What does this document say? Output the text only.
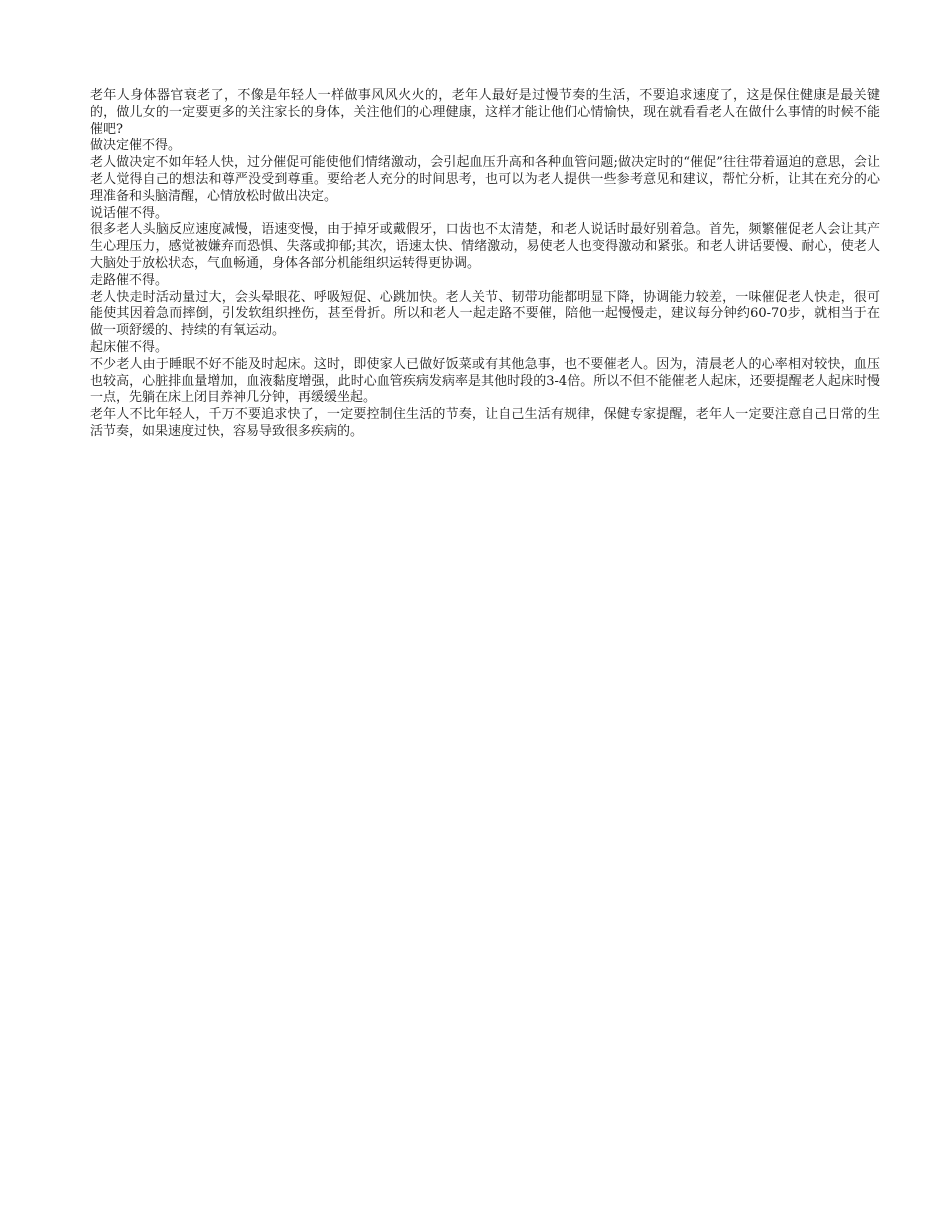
老年人身体器官衰老了，不像是年轻人一样做事风风火火的，老年人最好是过慢节奏的生活，不要追求速度了，这是保住健康是最关键的，做儿女的一定要更多的关注家长的身体，关注他们的心理健康，这样才能让他们心情愉快，现在就看看老人在做什么事情的时候不能催吧?

做决定催不得。

老人做决定不如年轻人快，过分催促可能使他们情绪激动，会引起血压升高和各种血管问题;做决定时的“催促”往往带着逼迫的意思，会让老人觉得自己的想法和尊严没受到尊重。要给老人充分的时间思考，也可以为老人提供一些参考意见和建议，帮忙分析，让其在充分的心理准备和头脑清醒，心情放松时做出决定。

说话催不得。

很多老人头脑反应速度减慢，语速变慢，由于掉牙或戴假牙，口齿也不太清楚，和老人说话时最好别着急。首先，频繁催促老人会让其产生心理压力，感觉被嫌弃而恐惧、失落或抑郁;其次，语速太快、情绪激动，易使老人也变得激动和紧张。和老人讲话要慢、耐心，使老人大脑处于放松状态，气血畅通，身体各部分机能组织运转得更协调。

走路催不得。

老人快走时活动量过大，会头晕眼花、呼吸短促、心跳加快。老人关节、韧带功能都明显下降，协调能力较差，一味催促老人快走，很可能使其因着急而摔倒，引发软组织挫伤，甚至骨折。所以和老人一起走路不要催，陪他一起慢慢走，建议每分钟约60-70步，就相当于在做一项舒缓的、持续的有氧运动。

起床催不得。

不少老人由于睡眠不好不能及时起床。这时，即使家人已做好饭菜或有其他急事，也不要催老人。因为，清晨老人的心率相对较快，血压也较高，心脏排血量增加，血液黏度增强，此时心血管疾病发病率是其他时段的3-4倍。所以不但不能催老人起床，还要提醒老人起床时慢一点，先躺在床上闭目养神几分钟，再缓缓坐起。

老年人不比年轻人，千万不要追求快了，一定要控制住生活的节奏，让自己生活有规律，保健专家提醒，老年人一定要注意自己日常的生活节奏，如果速度过快，容易导致很多疾病的。
